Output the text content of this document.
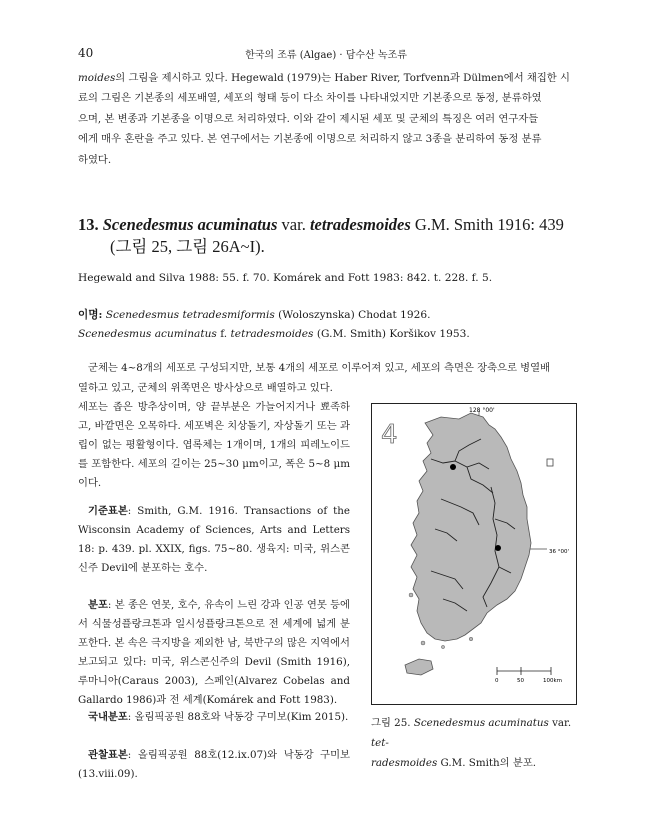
40	한국의 조류 (Algae) · 담수산 녹조류

moides의 그림을 제시하고 있다. Hegewald (1979)는 Haber River, Torfvenn과 Dülmen에서 채집한 시

료의 그림은 기본종의 세포배열, 세포의 형태 등이 다소 차이를 나타내었지만 기본종으로 동정, 분류하였

으며, 본 변종과 기본종을 이명으로 처리하였다. 이와 같이 제시된 세포 및 군체의 특징은 여러 연구자들

에게 매우 혼란을 주고 있다. 본 연구에서는 기본종에 이명으로 처리하지 않고 3종을 분리하여 동정 분류

하였다.

13. Scenedesmus acuminatus var. tetradesmoides G.M. Smith 1916: 439
(그림 25, 그림 26A~I).
Hegewald and Silva 1988: 55. f. 70. Komárek and Fott 1983: 842. t. 228. f. 5.
이명: Scenedesmus tetradesmiformis (Woloszynska) Chodat 1926.
Scenedesmus acuminatus f. tetradesmoides (G.M. Smith) Koršikov 1953.

군체는 4~8개의 세포로 구성되지만, 보통 4개의 세포로 이루어져 있고, 세포의 측면은 장축으로 병열배

열하고 있고, 군체의 위쪽면은 방사상으로 배열하고 있다.

세포는 좁은 방추상이며, 양 끝부분은 가늘어지거나 뾰족하고, 바깥면은 오목하다. 세포벽은 치상돌기, 자상돌기 또는 과립이 없는 평활형이다. 엽록체는 1개이며, 1개의 피레노이드를 포함한다. 세포의 길이는 25~30 μm이고, 폭은 5~8 μm이다.

기준표본: Smith, G.M. 1916. Transactions of the Wisconsin Academy of Sciences, Arts and Letters 18: p. 439. pl. XXIX, figs. 75~80. 생육지: 미국, 위스콘신주 Devil에 분포하는 호수.

분포: 본 종은 연못, 호수, 유속이 느린 강과 인공 연못 등에서 식물성플랑크톤과 일시성플랑크톤으로 전 세계에 넓게 분포한다. 본 속은 극지방을 제외한 남, 북반구의 많은 지역에서 보고되고 있다: 미국, 위스콘신주의 Devil (Smith 1916), 루마니아(Caraus 2003), 스페인(Alvarez Cobelas and Gallardo 1986)과 전 세계(Komárek and Fott 1983).

국내분포: 올림픽공원 88호와 낙동강 구미보(Kim 2015).

관찰표본: 올림픽공원 88호(12.ix.07)와 낙동강 구미보(13.viii.09).

128 °00'
36 °00'
4
0	50	100km
그림 25. Scenedesmus acuminatus var. tet-
radesmoides G.M. Smith의 분포.
